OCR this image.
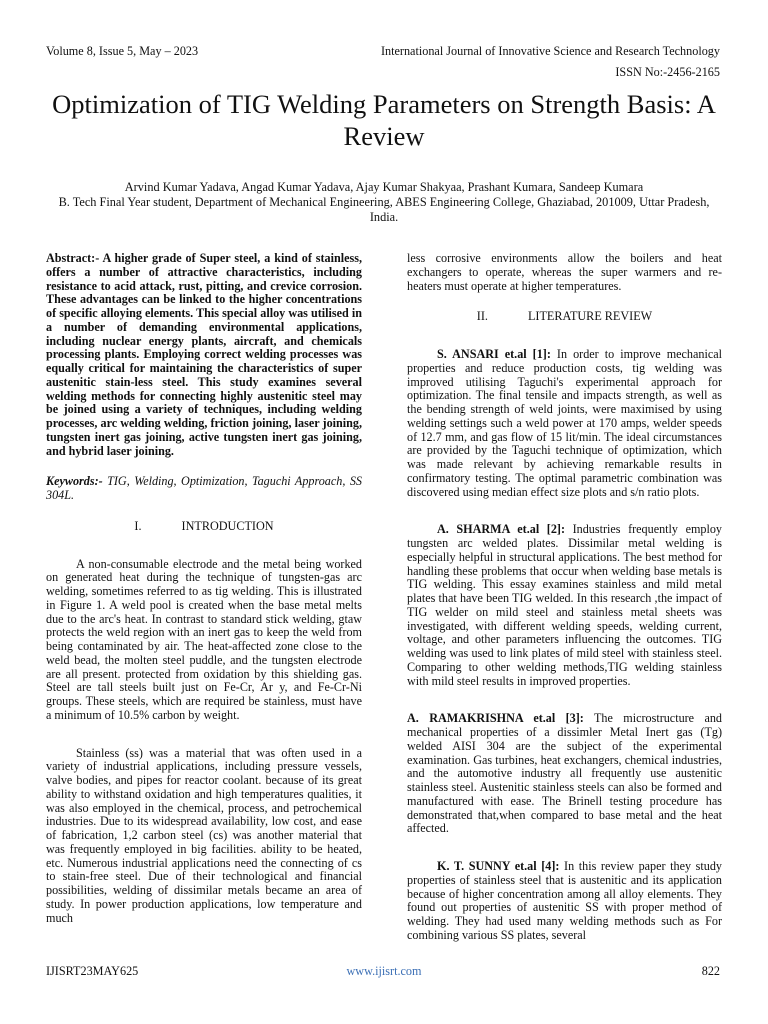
Volume 8, Issue 5, May – 2023	International Journal of Innovative Science and Research Technology
ISSN No:-2456-2165
Optimization of TIG Welding Parameters on Strength Basis: A Review
Arvind Kumar Yadava, Angad Kumar Yadava, Ajay Kumar Shakyaa, Prashant Kumara, Sandeep Kumara
B. Tech Final Year student, Department of Mechanical Engineering, ABES Engineering College, Ghaziabad, 201009, Uttar Pradesh, India.

Abstract:- A higher grade of Super steel, a kind of stainless, offers a number of attractive characteristics, including resistance to acid attack, rust, pitting, and crevice corrosion. These advantages can be linked to the higher concentrations of specific alloying elements. This special alloy was utilised in a number of demanding environmental applications, including nuclear energy plants, aircraft, and chemicals processing plants. Employing correct welding processes was equally critical for maintaining the characteristics of super austenitic stain-less steel. This study examines several welding methods for connecting highly austenitic steel may be joined using a variety of techniques, including welding processes, arc welding welding, friction joining, laser joining, tungsten inert gas joining, active tungsten inert gas joining, and hybrid laser joining.

Keywords:- TIG, Welding, Optimization, Taguchi Approach, SS 304L.

I.	INTRODUCTION

A non-consumable electrode and the metal being worked on generated heat during the technique of tungsten-gas arc welding, sometimes referred to as tig welding. This is illustrated in Figure 1. A weld pool is created when the base metal melts due to the arc's heat. In contrast to standard stick welding, gtaw protects the weld region with an inert gas to keep the weld from being contaminated by air. The heat-affected zone close to the weld bead, the molten steel puddle, and the tungsten electrode are all present. protected from oxidation by this shielding gas. Steel are tall steels built just on Fe-Cr, Ar y, and Fe-Cr-Ni groups. These steels, which are required be stainless, must have a minimum of 10.5% carbon by weight.

Stainless (ss) was a material that was often used in a variety of industrial applications, including pressure vessels, valve bodies, and pipes for reactor coolant. because of its great ability to withstand oxidation and high temperatures qualities, it was also employed in the chemical, process, and petrochemical industries. Due to its widespread availability, low cost, and ease of fabrication, 1,2 carbon steel (cs) was another material that was frequently employed in big facilities. ability to be heated, etc. Numerous industrial applications need the connecting of cs to stain-free steel. Due of their technological and financial possibilities, welding of dissimilar metals became an area of study. In power production applications, low temperature and much

less corrosive environments allow the boilers and heat exchangers to operate, whereas the super warmers and re-heaters must operate at higher temperatures.

II.	LITERATURE REVIEW

S. ANSARI et.al [1]: In order to improve mechanical properties and reduce production costs, tig welding was improved utilising Taguchi's experimental approach for optimization. The final tensile and impacts strength, as well as the bending strength of weld joints, were maximised by using welding settings such a weld power at 170 amps, welder speeds of 12.7 mm, and gas flow of 15 lit/min. The ideal circumstances are provided by the Taguchi technique of optimization, which was made relevant by achieving remarkable results in confirmatory testing. The optimal parametric combination was discovered using median effect size plots and s/n ratio plots.

A. SHARMA et.al [2]: Industries frequently employ tungsten arc welded plates. Dissimilar metal welding is especially helpful in structural applications. The best method for handling these problems that occur when welding base metals is TIG welding. This essay examines stainless and mild metal plates that have been TIG welded. In this research ,the impact of TIG welder on mild steel and stainless metal sheets was investigated, with different welding speeds, welding current, voltage, and other parameters influencing the outcomes. TIG welding was used to link plates of mild steel with stainless steel. Comparing to other welding methods,TIG welding stainless with mild steel results in improved properties.

A. RAMAKRISHNA et.al [3]: The microstructure and mechanical properties of a dissimler Metal Inert gas (Tg) welded AISI 304 are the subject of the experimental examination. Gas turbines, heat exchangers, chemical industries, and the automotive industry all frequently use austenitic stainless steel. Austenitic stainless steels can also be formed and manufactured with ease. The Brinell testing procedure has demonstrated that,when compared to base metal and the heat affected.

K. T. SUNNY et.al [4]: In this review paper they study properties of stainless steel that is austenitic and its application because of higher concentration among all alloy elements. They found out properties of austenitic SS with proper method of welding. They had used many welding methods such as For combining various SS plates, several

IJISRT23MAY625	www.ijisrt.com	822
